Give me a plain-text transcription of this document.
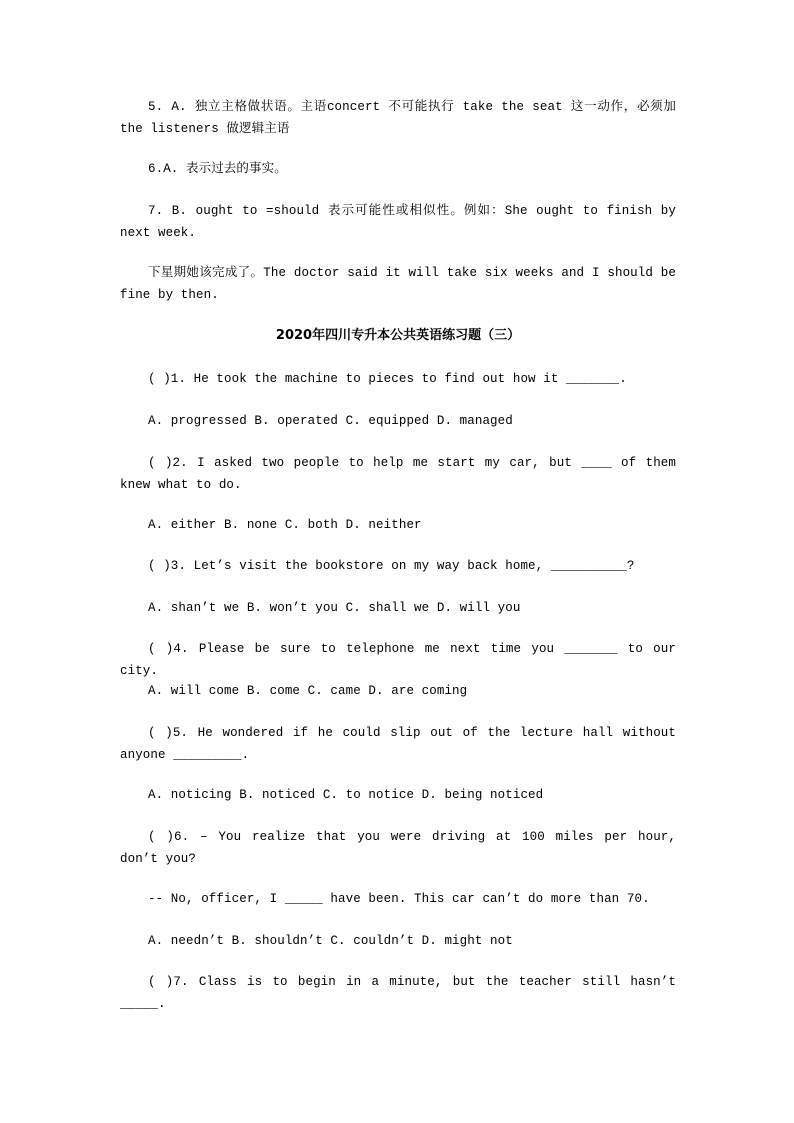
5. A. 独立主格做状语。主语concert 不可能执行 take the seat 这一动作，必须加 the listeners 做逻辑主语

6.A. 表示过去的事实。

7. B. ought to =should 表示可能性或相似性。例如：She ought to finish by next week.

下星期她该完成了。The doctor said it will take six weeks and I should be fine by then.

2020年四川专升本公共英语练习题（三）

( )1. He took the machine to pieces to find out how it _______.

A. progressed B. operated C. equipped D. managed

( )2. I asked two people to help me start my car, but ____ of them knew what to do.

A. either B. none C. both D. neither

( )3. Let’s visit the bookstore on my way back home, __________?

A. shan’t we B. won’t you C. shall we D. will you

( )4. Please be sure to telephone me next time you _______ to our city.

A. will come B. come C. came D. are coming

( )5. He wondered if he could slip out of the lecture hall without anyone _________.

A. noticing B. noticed C. to notice D. being noticed

( )6. – You realize that you were driving at 100 miles per hour, don’t you?

-- No, officer, I _____ have been. This car can’t do more than 70.

A. needn’t B. shouldn’t C. couldn’t D. might not

( )7. Class is to begin in a minute, but the teacher still hasn’t _____.
